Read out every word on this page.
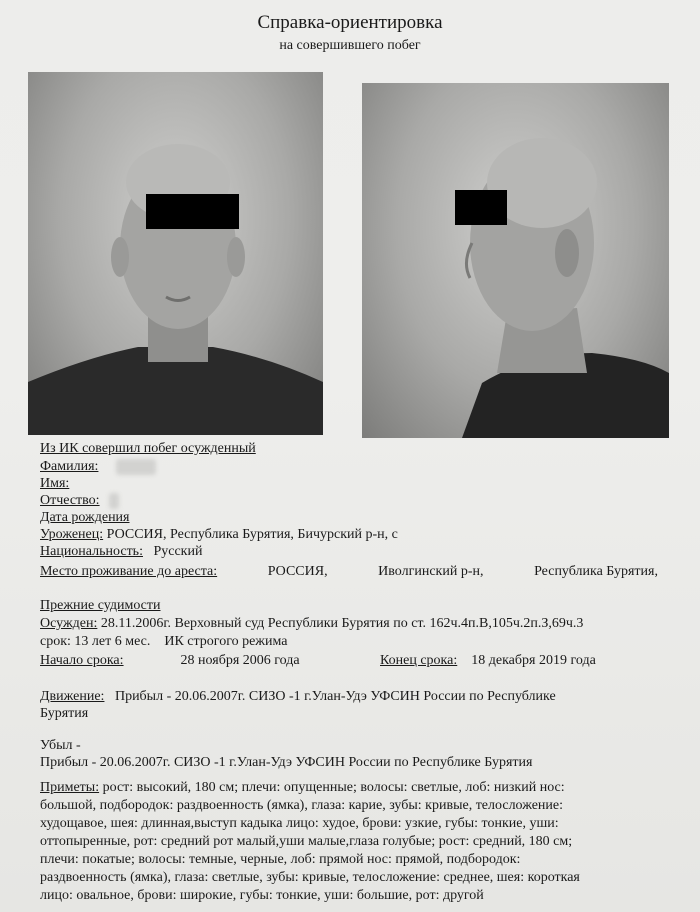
Справка-ориентировка
на совершившего побег
Из ИК совершил побег осужденный
Фамилия:
Имя:
Отчество:
Дата рождения
Уроженец: РОССИЯ, Республика Бурятия, Бичурский р-н, с
Национальность: Русский
Место проживание до ареста:	РОССИЯ,	Иволгинский р-н,	Республика Бурятия,
Прежние судимости
Осужден: 28.11.2006г. Верховный суд Республики Бурятия по ст. 162ч.4п.В,105ч.2п.З,69ч.3
срок: 13 лет 6 мес. ИК строгого режима
Начало срока:	28 ноября 2006 года	Конец срока: 18 декабря 2019 года
Движение: Прибыл - 20.06.2007г. СИЗО -1 г.Улан-Удэ УФСИН России по Республике
Бурятия
Убыл -
Прибыл - 20.06.2007г. СИЗО -1 г.Улан-Удэ УФСИН России по Республике Бурятия
Приметы: рост: высокий, 180 см; плечи: опущенные; волосы: светлые, лоб: низкий нос:
большой, подбородок: раздвоенность (ямка), глаза: карие, зубы: кривые, телосложение:
худощавое, шея: длинная,выступ кадыка лицо: худое, брови: узкие, губы: тонкие, уши:
оттопыренные, рот: средний рот малый,уши малые,глаза голубые; рост: средний, 180 см;
плечи: покатые; волосы: темные, черные, лоб: прямой нос: прямой, подбородок:
раздвоенность (ямка), глаза: светлые, зубы: кривые, телосложение: среднее, шея: короткая
лицо: овальное, брови: широкие, губы: тонкие, уши: большие, рот: другой
